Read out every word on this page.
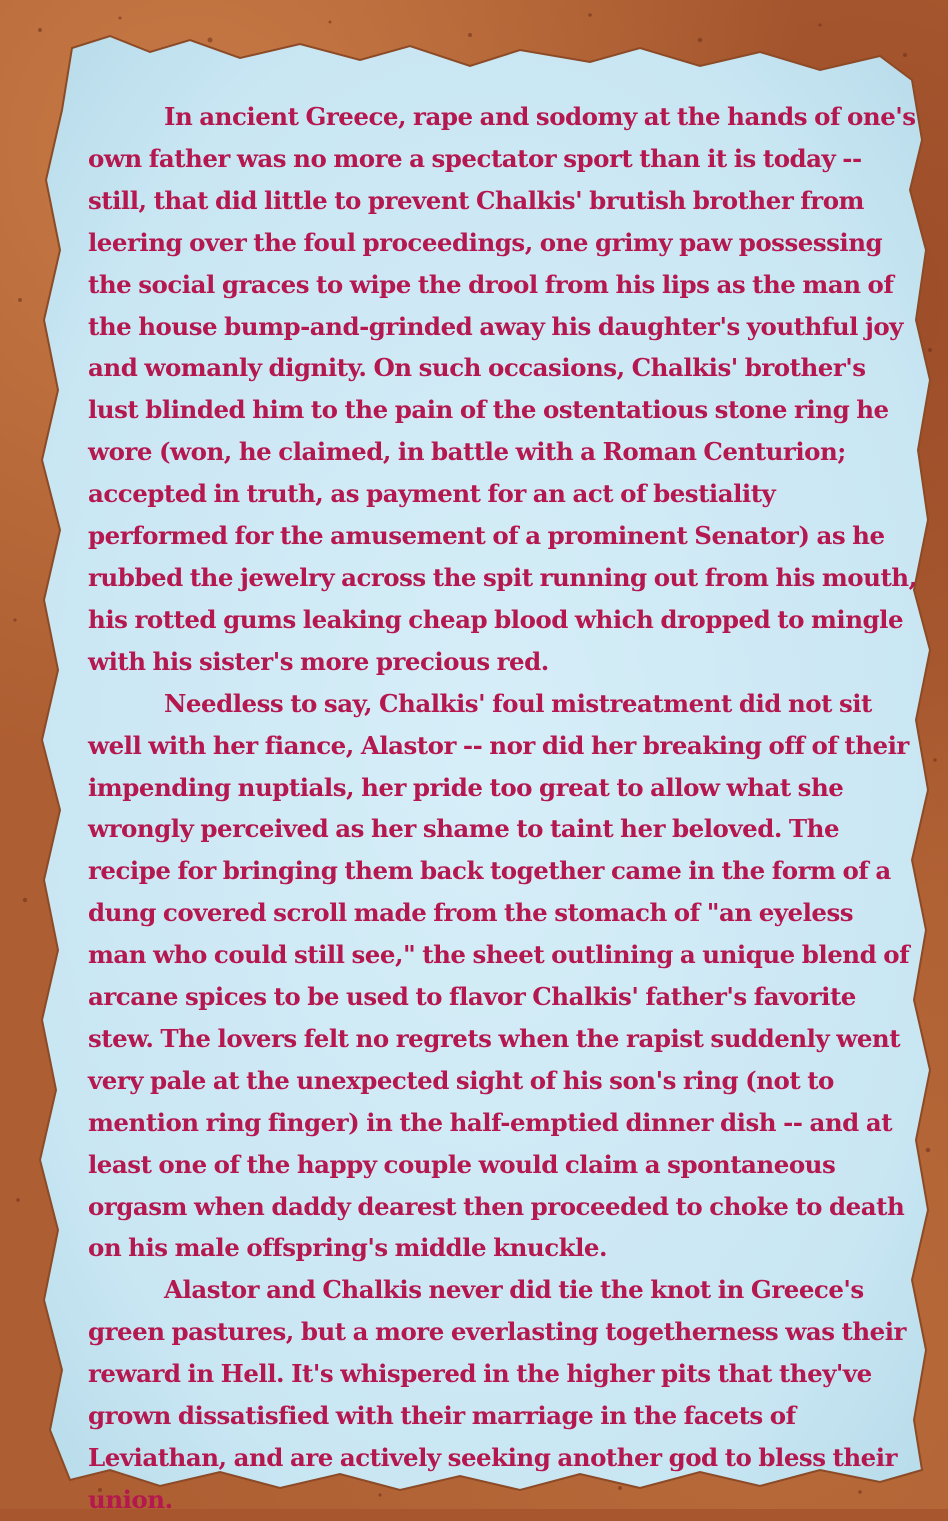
In ancient Greece, rape and sodomy at the hands of one's own father was no more a spectator sport than it is today -- still, that did little to prevent Chalkis' brutish brother from leering over the foul proceedings, one grimy paw possessing the social graces to wipe the drool from his lips as the man of the house bump-and-grinded away his daughter's youthful joy and womanly dignity. On such occasions, Chalkis' brother's lust blinded him to the pain of the ostentatious stone ring he wore (won, he claimed, in battle with a Roman Centurion; accepted in truth, as payment for an act of bestiality performed for the amusement of a prominent Senator) as he rubbed the jewelry across the spit running out from his mouth, his rotted gums leaking cheap blood which dropped to mingle with his sister's more precious red.

Needless to say, Chalkis' foul mistreatment did not sit well with her fiance, Alastor -- nor did her breaking off of their impending nuptials, her pride too great to allow what she wrongly perceived as her shame to taint her beloved. The recipe for bringing them back together came in the form of a dung covered scroll made from the stomach of "an eyeless man who could still see," the sheet outlining a unique blend of arcane spices to be used to flavor Chalkis' father's favorite stew. The lovers felt no regrets when the rapist suddenly went very pale at the unexpected sight of his son's ring (not to mention ring finger) in the half-emptied dinner dish -- and at least one of the happy couple would claim a spontaneous orgasm when daddy dearest then proceeded to choke to death on his male offspring's middle knuckle.

Alastor and Chalkis never did tie the knot in Greece's green pastures, but a more everlasting togetherness was their reward in Hell. It's whispered in the higher pits that they've grown dissatisfied with their marriage in the facets of Leviathan, and are actively seeking another god to bless their union.
